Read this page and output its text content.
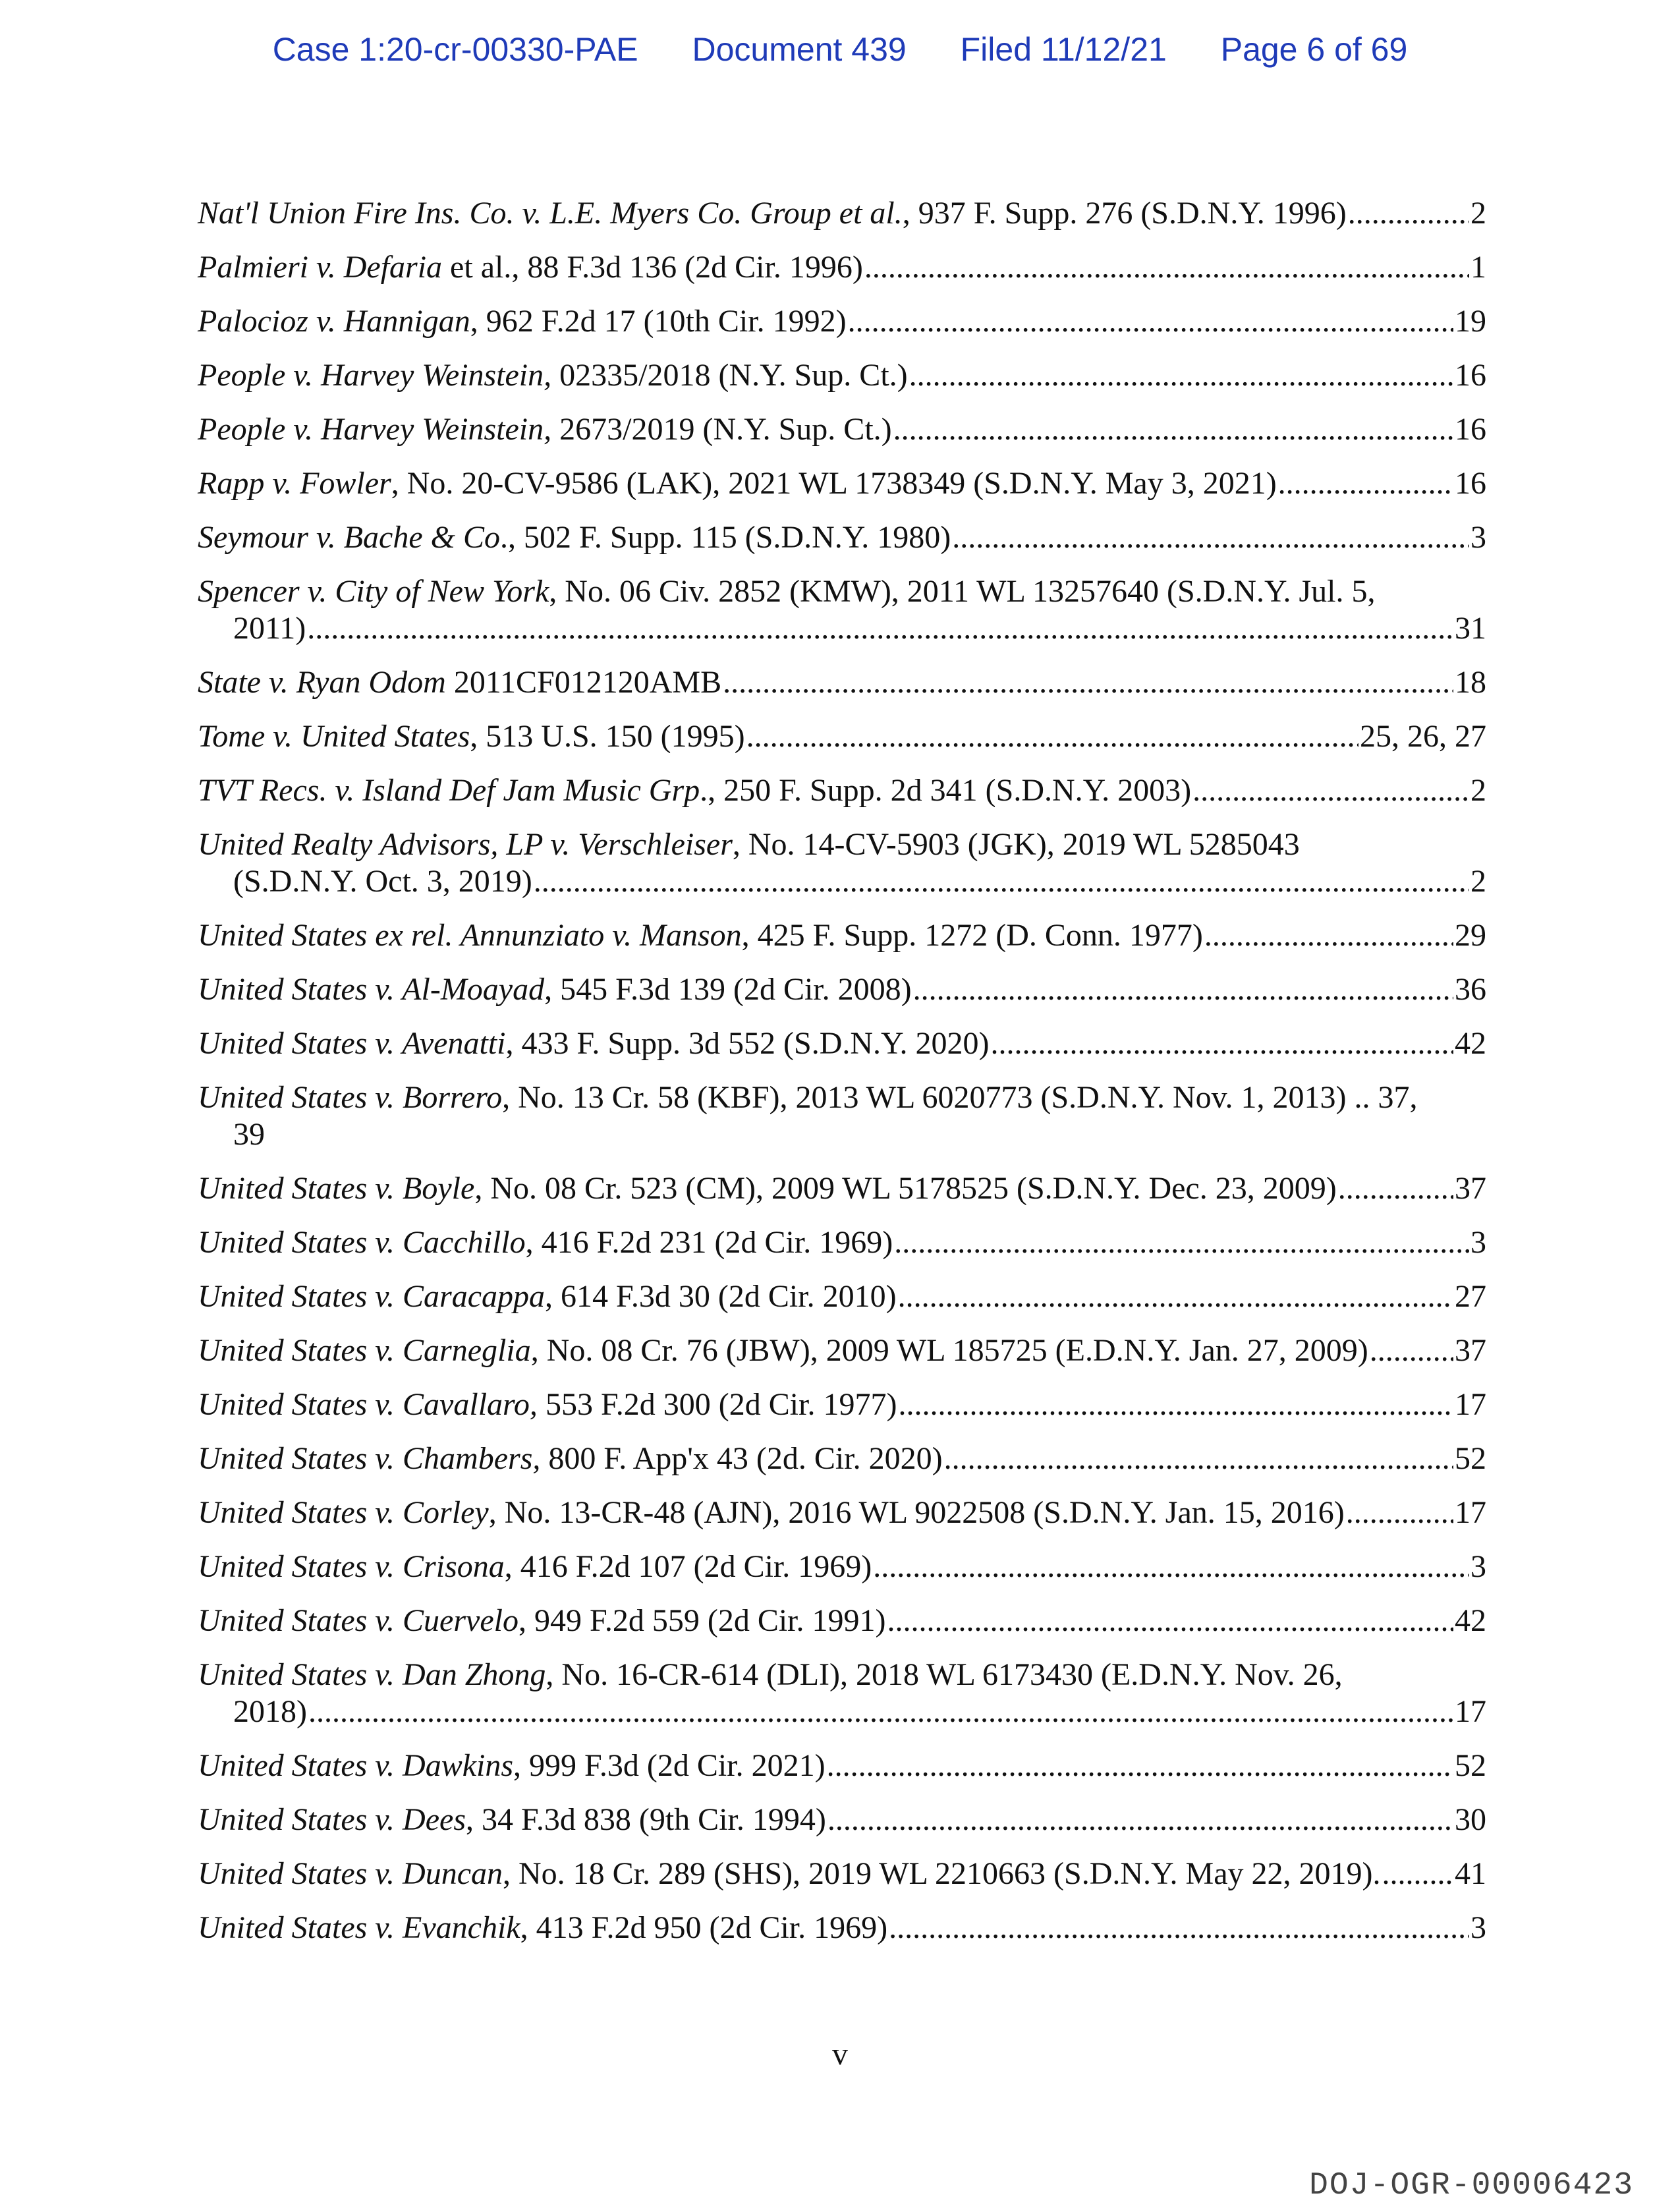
Case 1:20-cr-00330-PAE Document 439 Filed 11/12/21 Page 6 of 69
Nat'l Union Fire Ins. Co. v. L.E. Myers Co. Group et al., 937 F. Supp. 276 (S.D.N.Y. 1996) .....	2
Palmieri v. Defaria et al., 88 F.3d 136 (2d Cir. 1996) .....	1
Palocioz v. Hannigan, 962 F.2d 17 (10th Cir. 1992) .....	19
People v. Harvey Weinstein, 02335/2018 (N.Y. Sup. Ct.) .....	16
People v. Harvey Weinstein, 2673/2019 (N.Y. Sup. Ct.) .....	16
Rapp v. Fowler, No. 20-CV-9586 (LAK), 2021 WL 1738349 (S.D.N.Y. May 3, 2021) .....	16
Seymour v. Bache & Co., 502 F. Supp. 115 (S.D.N.Y. 1980) .....	3
Spencer v. City of New York, No. 06 Civ. 2852 (KMW), 2011 WL 13257640 (S.D.N.Y. Jul. 5,
2011) .....	31
State v. Ryan Odom 2011CF012120AMB .....	18
Tome v. United States, 513 U.S. 150 (1995) .....	25, 26, 27
TVT Recs. v. Island Def Jam Music Grp., 250 F. Supp. 2d 341 (S.D.N.Y. 2003) .....	2
United Realty Advisors, LP v. Verschleiser, No. 14-CV-5903 (JGK), 2019 WL 5285043
(S.D.N.Y. Oct. 3, 2019) .....	2
United States ex rel. Annunziato v. Manson, 425 F. Supp. 1272 (D. Conn. 1977) .....	29
United States v. Al-Moayad, 545 F.3d 139 (2d Cir. 2008) .....	36
United States v. Avenatti, 433 F. Supp. 3d 552 (S.D.N.Y. 2020) .....	42
United States v. Borrero, No. 13 Cr. 58 (KBF), 2013 WL 6020773 (S.D.N.Y. Nov. 1, 2013) .. 37,
39
United States v. Boyle, No. 08 Cr. 523 (CM), 2009 WL 5178525 (S.D.N.Y. Dec. 23, 2009) .....	37
United States v. Cacchillo, 416 F.2d 231 (2d Cir. 1969) .....	3
United States v. Caracappa, 614 F.3d 30 (2d Cir. 2010) .....	27
United States v. Carneglia, No. 08 Cr. 76 (JBW), 2009 WL 185725 (E.D.N.Y. Jan. 27, 2009) .....	37
United States v. Cavallaro, 553 F.2d 300 (2d Cir. 1977) .....	17
United States v. Chambers, 800 F. App'x 43 (2d. Cir. 2020) .....	52
United States v. Corley, No. 13-CR-48 (AJN), 2016 WL 9022508 (S.D.N.Y. Jan. 15, 2016) .....	17
United States v. Crisona, 416 F.2d 107 (2d Cir. 1969) .....	3
United States v. Cuervelo, 949 F.2d 559 (2d Cir. 1991) .....	42
United States v. Dan Zhong, No. 16-CR-614 (DLI), 2018 WL 6173430 (E.D.N.Y. Nov. 26,
2018) .....	17
United States v. Dawkins, 999 F.3d (2d Cir. 2021) .....	52
United States v. Dees, 34 F.3d 838 (9th Cir. 1994) .....	30
United States v. Duncan, No. 18 Cr. 289 (SHS), 2019 WL 2210663 (S.D.N.Y. May 22, 2019). ..... 41
United States v. Evanchik, 413 F.2d 950 (2d Cir. 1969) .....	3
v
DOJ-OGR-00006423
